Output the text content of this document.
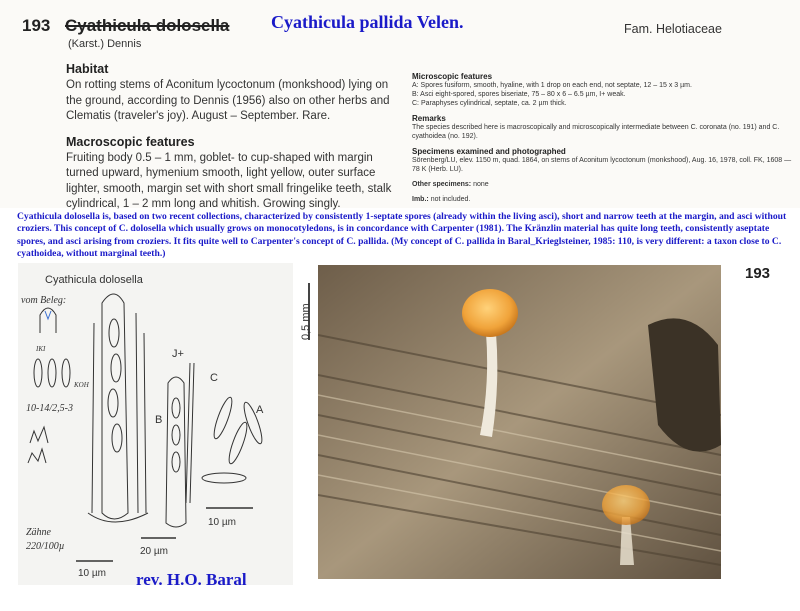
193 Cyathicula dolosella Cyathicula pallida Velen.
(Karst.) Dennis
Fam. Helotiaceae
Habitat
On rotting stems of Aconitum lycoctonum (monkshood) lying on the ground, according to Dennis (1956) also on other herbs and Clematis (traveler's joy). August – September. Rare.
Macroscopic features
Fruiting body 0.5 – 1 mm, goblet- to cup-shaped with margin turned upward, hymenium smooth, light yellow, outer surface lighter, smooth, margin set with short small fringelike teeth, stalk cylindrical, 1 – 2 mm long and whitish. Growing singly.
Microscopic features
A: Spores fusiform, smooth, hyaline, with 1 drop on each end, not septate, 12 – 15 x 3 µm.
B: Asci eight-spored, spores biseriate, 75 – 80 x 6 – 6.5 µm, I+ weak.
C: Paraphyses cylindrical, septate, ca. 2 µm thick.
Remarks
The species described here is macroscopically and microscopically intermediate between C. coronata (no. 191) and C. cyathoidea (no. 192).
Specimens examined and photographed
Sörenberg/LU, elev. 1150 m, quad. 1864, on stems of Aconitum lycoctonum (monkshood), Aug. 16, 1978, coll. FK, 1608 — 78 K (Herb. LU).
Other specimens: none
Imb.: not included.
Cyathicula dolosella is, based on two recent collections, characterized by consistently 1-septate spores (already within the living asci), short and narrow teeth at the margin, and asci without croziers. This concept of C. dolosella which usually grows on monocotyledons, is in concordance with Carpenter (1981). The Kränzlin material has quite long teeth, consistently aseptate spores, and asci arising from croziers. It fits quite well to Carpenter's concept of C. pallida. (My concept of C. pallida in Baral_Krieglsteiner, 1985: 110, is very different: a taxon close to C. cyathoidea, without marginal teeth.)
Cyathicula dolosella
vom Beleg:
IKI
KOH
10-14/2,5-3
Zähne
220/100µ
J+
B
C
A
10 µm
20 µm
10 µm rev. H.O. Baral
0,5 mm
193
